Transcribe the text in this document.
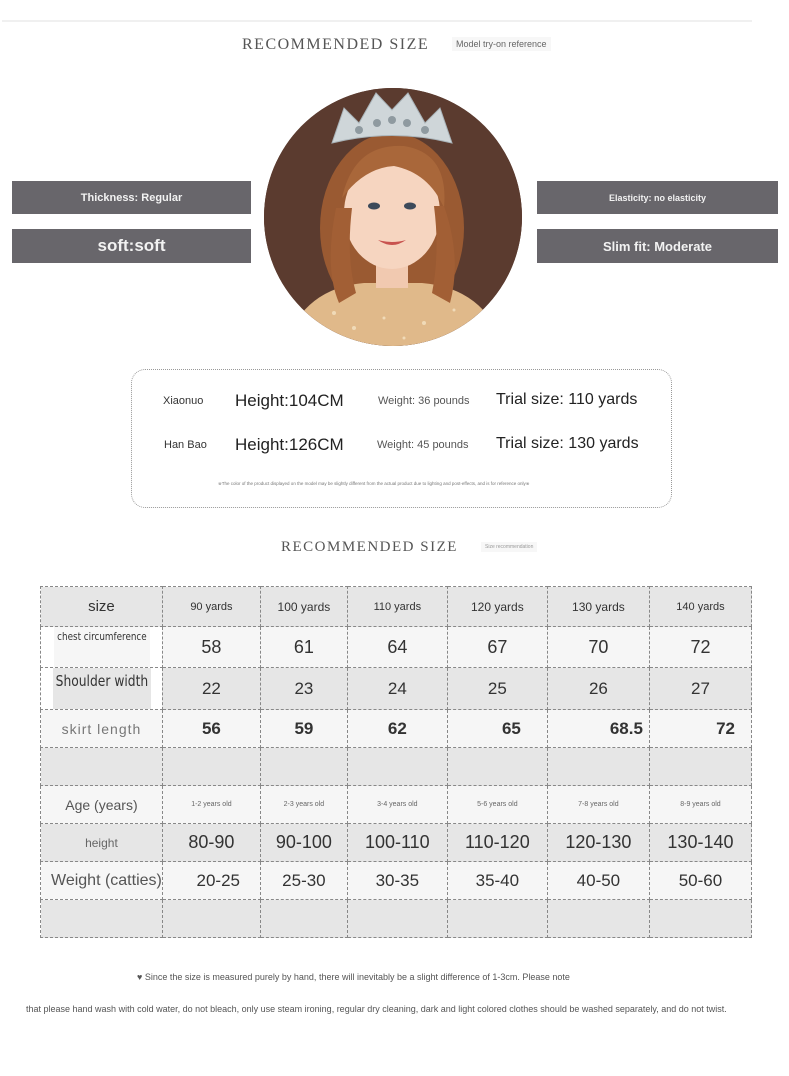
RECOMMENDED SIZE	Model try-on reference
Thickness: Regular
soft:soft
Elasticity: no elasticity
Slim fit: Moderate
Xiaonuo Height:104CM	Weight: 36 pounds Trial size: 110 yards
Han Bao Height:126CM	Weight: 45 pounds Trial size: 130 yards
※The color of the product displayed on the model may be slightly different from the actual product due to lighting and post-effects, and is for reference only※
RECOMMENDED SIZE	Size recommendation
size	90 yards	100 yards	110 yards	120 yards	130 yards	140 yards
chest circumference	58	61	64	67	70	72
Shoulder width	22	23	24	25	26	27
skirt length	56	59	62	65	68.5	72

Age (years)	1-2 years old	2-3 years old	3-4 years old	5-6 years old	7-8 years old	8-9 years old
height	80-90	90-100	100-110	110-120	120-130	130-140
Weight (catties)	20-25	25-30	30-35	35-40	40-50	50-60

♥ Since the size is measured purely by hand, there will inevitably be a slight difference of 1-3cm. Please note
that please hand wash with cold water, do not bleach, only use steam ironing, regular dry cleaning, dark and light colored clothes should be washed separately, and do not twist.
